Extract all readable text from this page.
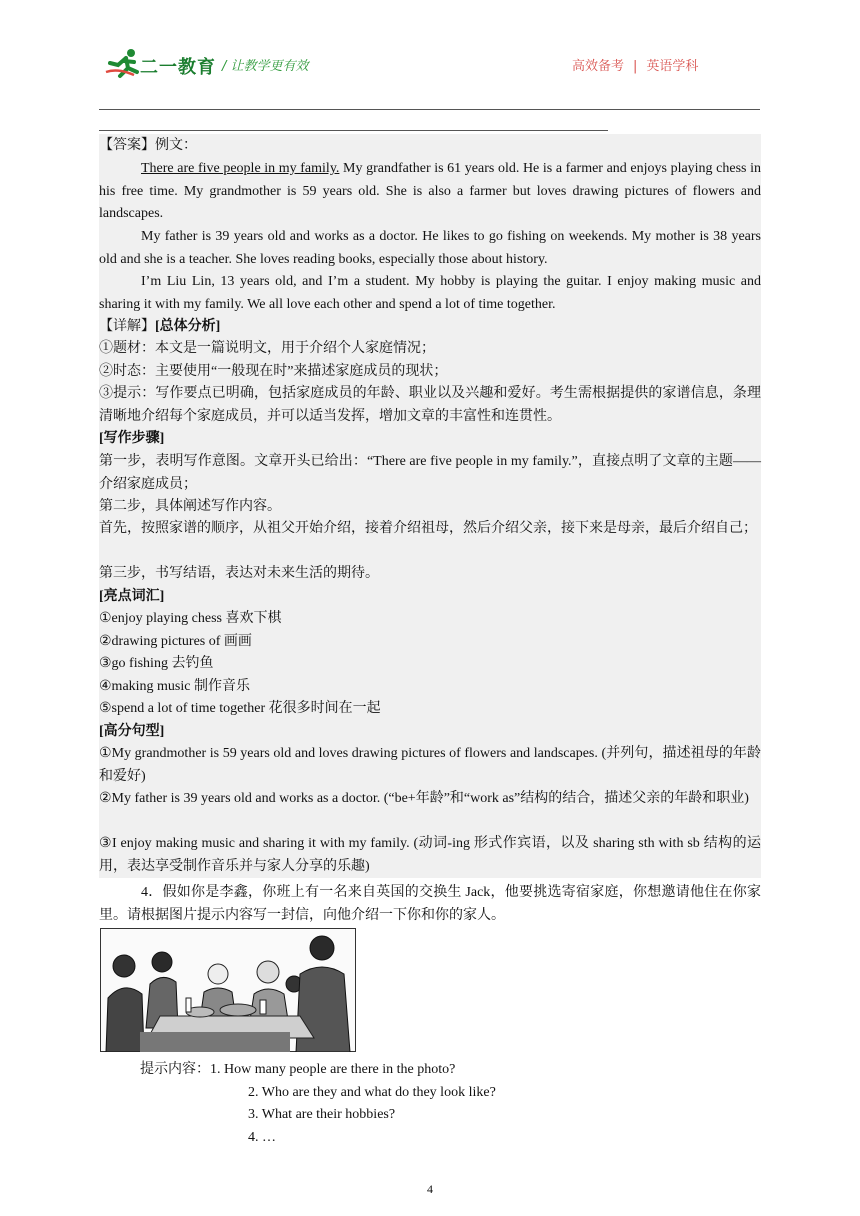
二一教育 / 让教学更有效	高效备考 | 英语学科
【答案】例文：
There are five people in my family. My grandfather is 61 years old. He is a farmer and enjoys playing chess in his free time. My grandmother is 59 years old. She is also a farmer but loves drawing pictures of flowers and landscapes.
My father is 39 years old and works as a doctor. He likes to go fishing on weekends. My mother is 38 years old and she is a teacher. She loves reading books, especially those about history.
I’m Liu Lin, 13 years old, and I’m a student. My hobby is playing the guitar. I enjoy making music and sharing it with my family. We all love each other and spend a lot of time together.
【详解】[总体分析]
①题材：本文是一篇说明文，用于介绍个人家庭情况；
②时态：主要使用“一般现在时”来描述家庭成员的现状；
③提示：写作要点已明确，包括家庭成员的年龄、职业以及兴趣和爱好。考生需根据提供的家谱信息，条理清晰地介绍每个家庭成员，并可以适当发挥，增加文章的丰富性和连贯性。
[写作步骤]
第一步，表明写作意图。文章开头已给出：“There are five people in my family.”，直接点明了文章的主题——介绍家庭成员；
第二步，具体阐述写作内容。
首先，按照家谱的顺序，从祖父开始介绍，接着介绍祖母，然后介绍父亲，接下来是母亲，最后介绍自己；
第三步，书写结语，表达对未来生活的期待。
[亮点词汇]
①enjoy playing chess 喜欢下棋
②drawing pictures of 画画
③go fishing 去钓鱼
④making music 制作音乐
⑤spend a lot of time together 花很多时间在一起
[高分句型]
①My grandmother is 59 years old and loves drawing pictures of flowers and landscapes. (并列句，描述祖母的年龄和爱好)
②My father is 39 years old and works as a doctor. (“be+年龄”和“work as”结构的结合，描述父亲的年龄和职业)
③I enjoy making music and sharing it with my family. (动词-ing 形式作宾语，以及 sharing sth with sb 结构的运用，表达享受制作音乐并与家人分享的乐趣)
4．假如你是李鑫，你班上有一名来自英国的交换生 Jack，他要挑选寄宿家庭，你想邀请他住在你家里。请根据图片提示内容写一封信，向他介绍一下你和你的家人。
提示内容：1. How many people are there in the photo?
2. Who are they and what do they look like?
3. What are their hobbies?
4. …
4
